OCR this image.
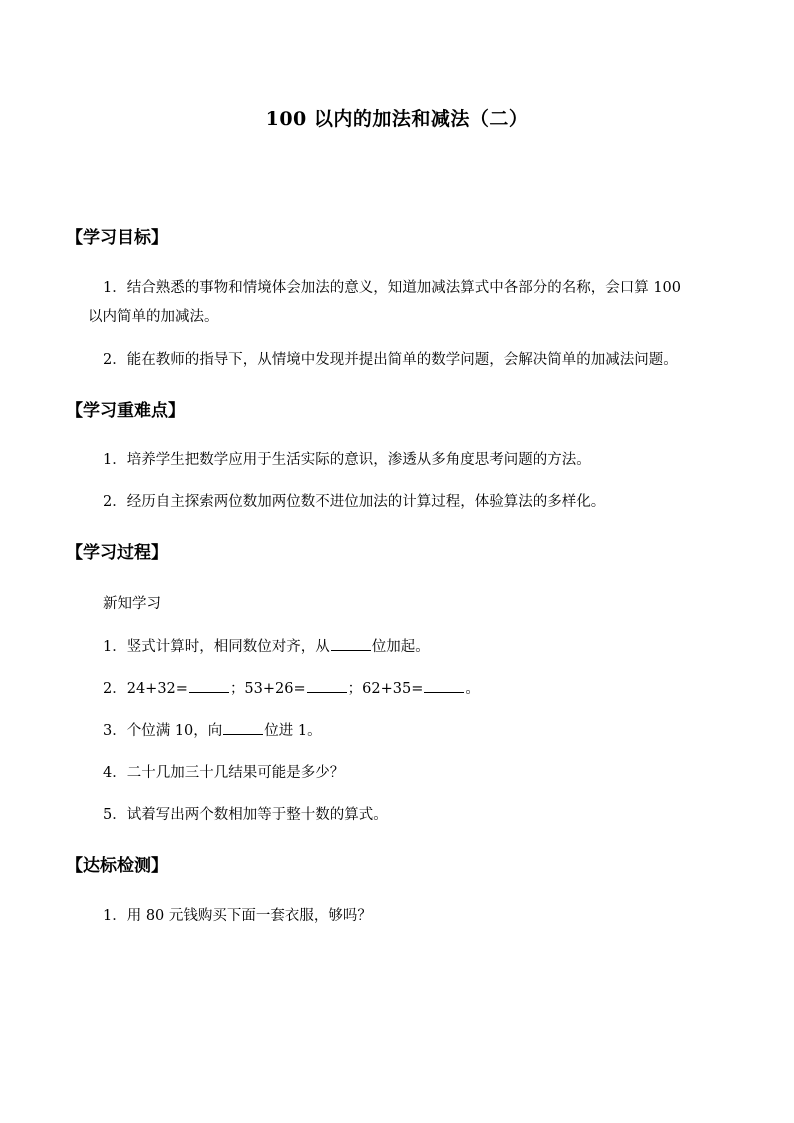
100 以内的加法和减法（二）
【学习目标】
1．结合熟悉的事物和情境体会加法的意义，知道加减法算式中各部分的名称，会口算 100
以内简单的加减法。
2．能在教师的指导下，从情境中发现并提出简单的数学问题，会解决简单的加减法问题。
【学习重难点】
1．培养学生把数学应用于生活实际的意识，渗透从多角度思考问题的方法。
2．经历自主探索两位数加两位数不进位加法的计算过程，体验算法的多样化。
【学习过程】
新知学习
1．竖式计算时，相同数位对齐，从	位加起。
2．24+32=	；53+26=	；62+35=	。
3．个位满 10，向	位进 1。
4．二十几加三十几结果可能是多少？
5．试着写出两个数相加等于整十数的算式。
【达标检测】
1．用 80 元钱购买下面一套衣服，够吗？
